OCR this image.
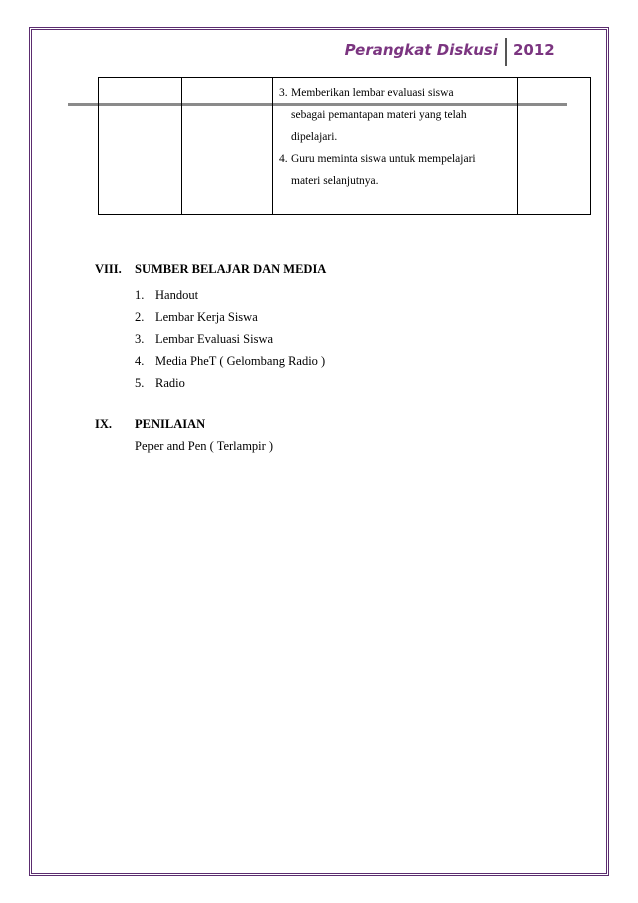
Perangkat Diskusi 2012

3. Memberikan lembar evaluasi siswa
sebagai pemantapan materi yang telah
dipelajari.
4. Guru meminta siswa untuk mempelajari
materi selanjutnya.

VIII. SUMBER BELAJAR DAN MEDIA
1. Handout
2. Lembar Kerja Siswa
3. Lembar Evaluasi Siswa
4. Media PheT ( Gelombang Radio )
5. Radio
IX. PENILAIAN
Peper and Pen ( Terlampir )
